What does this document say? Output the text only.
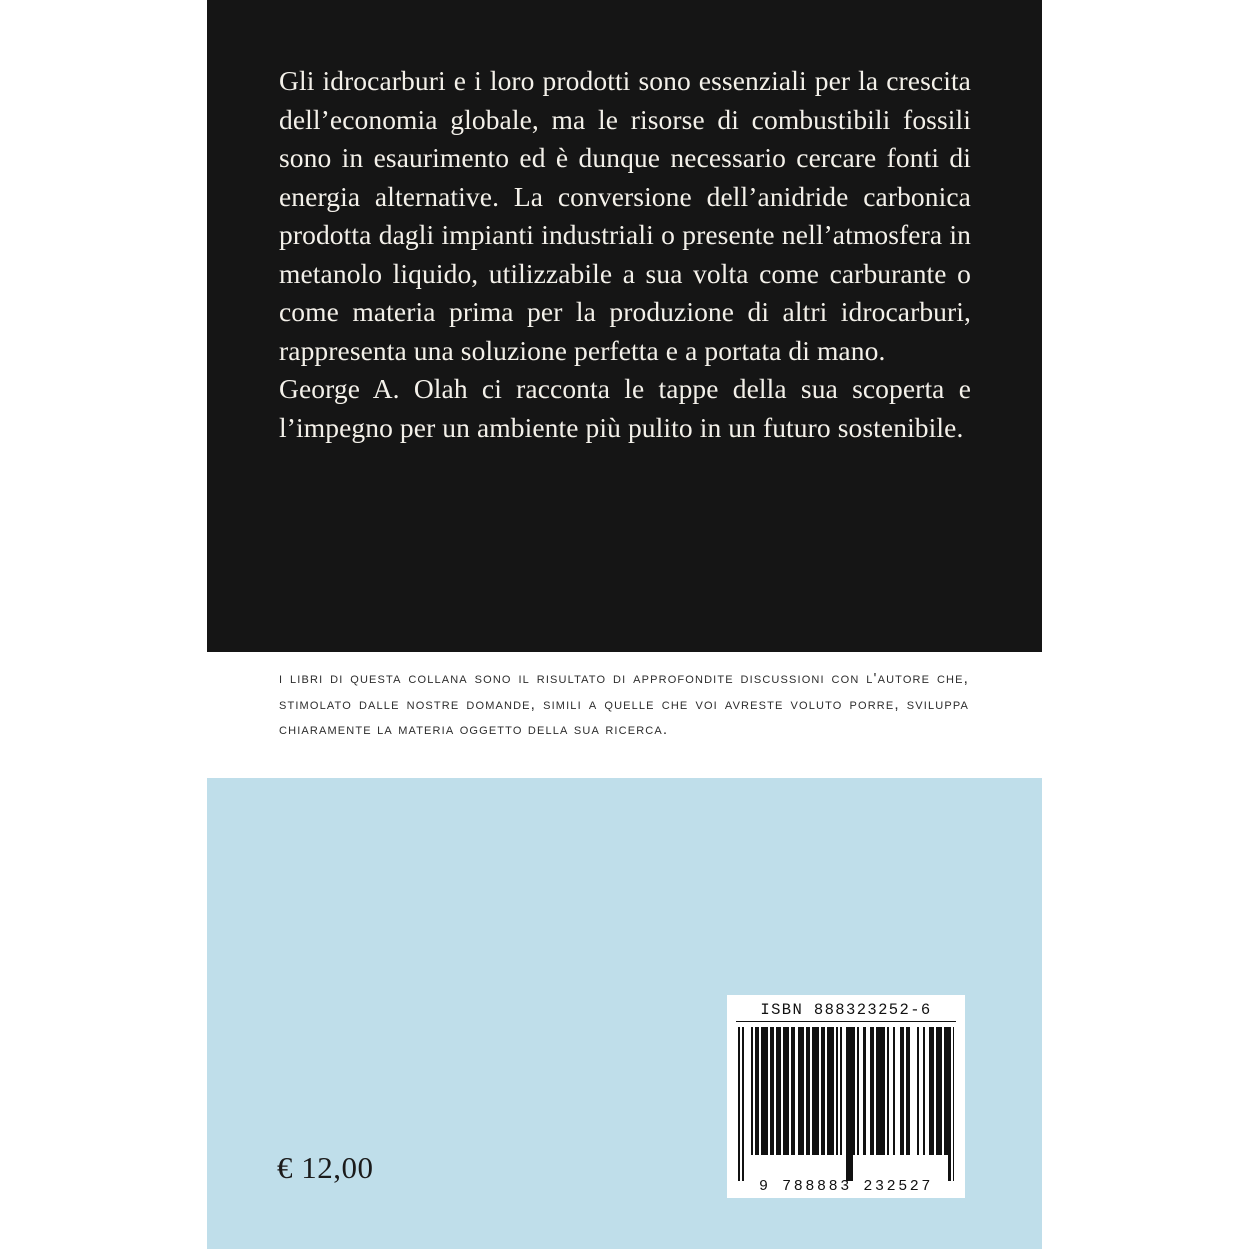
Gli idrocarburi e i loro prodotti sono essenziali per la crescita dell’economia globale, ma le risorse di combustibili fossili sono in esaurimento ed è dunque necessario cercare fonti di energia alternative. La conversione dell’anidride carbonica prodotta dagli impianti industriali o presente nell’atmosfera in metanolo liquido, utilizzabile a sua volta come carburante o come materia prima per la produzione di altri idrocarburi, rappresenta una soluzione perfetta e a portata di mano.

George A. Olah ci racconta le tappe della sua scoperta e l’impegno per un ambiente più pulito in un futuro sostenibile.

i libri di questa collana sono il risultato di approfondite discussioni con l'autore che, stimolato dalle nostre domande, simili a quelle che voi avreste voluto porre, sviluppa chiaramente la materia oggetto della sua ricerca.

€ 12,00
ISBN 888323252-6
9 788883 232527
